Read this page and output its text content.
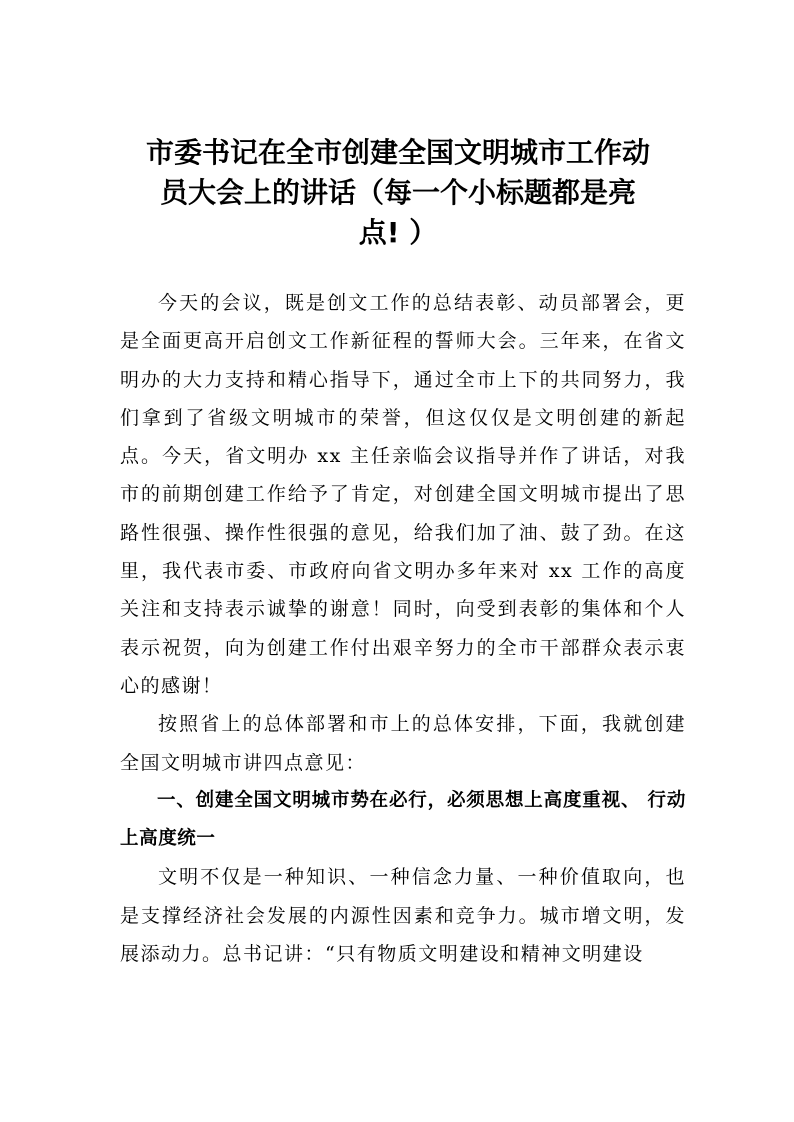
市委书记在全市创建全国文明城市工作动
员大会上的讲话（每一个小标题都是亮
点! ）

今天的会议，既是创文工作的总结表彰、动员部署会，更是全面更高开启创文工作新征程的誓师大会。三年来，在省文明办的大力支持和精心指导下，通过全市上下的共同努力，我们拿到了省级文明城市的荣誉，但这仅仅是文明创建的新起点。今天，省文明办 xx 主任亲临会议指导并作了讲话，对我市的前期创建工作给予了肯定，对创建全国文明城市提出了思路性很强、操作性很强的意见，给我们加了油、鼓了劲。在这里，我代表市委、市政府向省文明办多年来对 xx 工作的高度关注和支持表示诚挚的谢意！同时，向受到表彰的集体和个人表示祝贺，向为创建工作付出艰辛努力的全市干部群众表示衷心的感谢！

按照省上的总体部署和市上的总体安排，下面，我就创建全国文明城市讲四点意见：

一、创建全国文明城市势在必行，必须思想上高度重视、 行动上高度统一

文明不仅是一种知识、一种信念力量、一种价值取向，也是支撑经济社会发展的内源性因素和竞争力。城市增文明，发展添动力。总书记讲：“只有物质文明建设和精神文明建设
